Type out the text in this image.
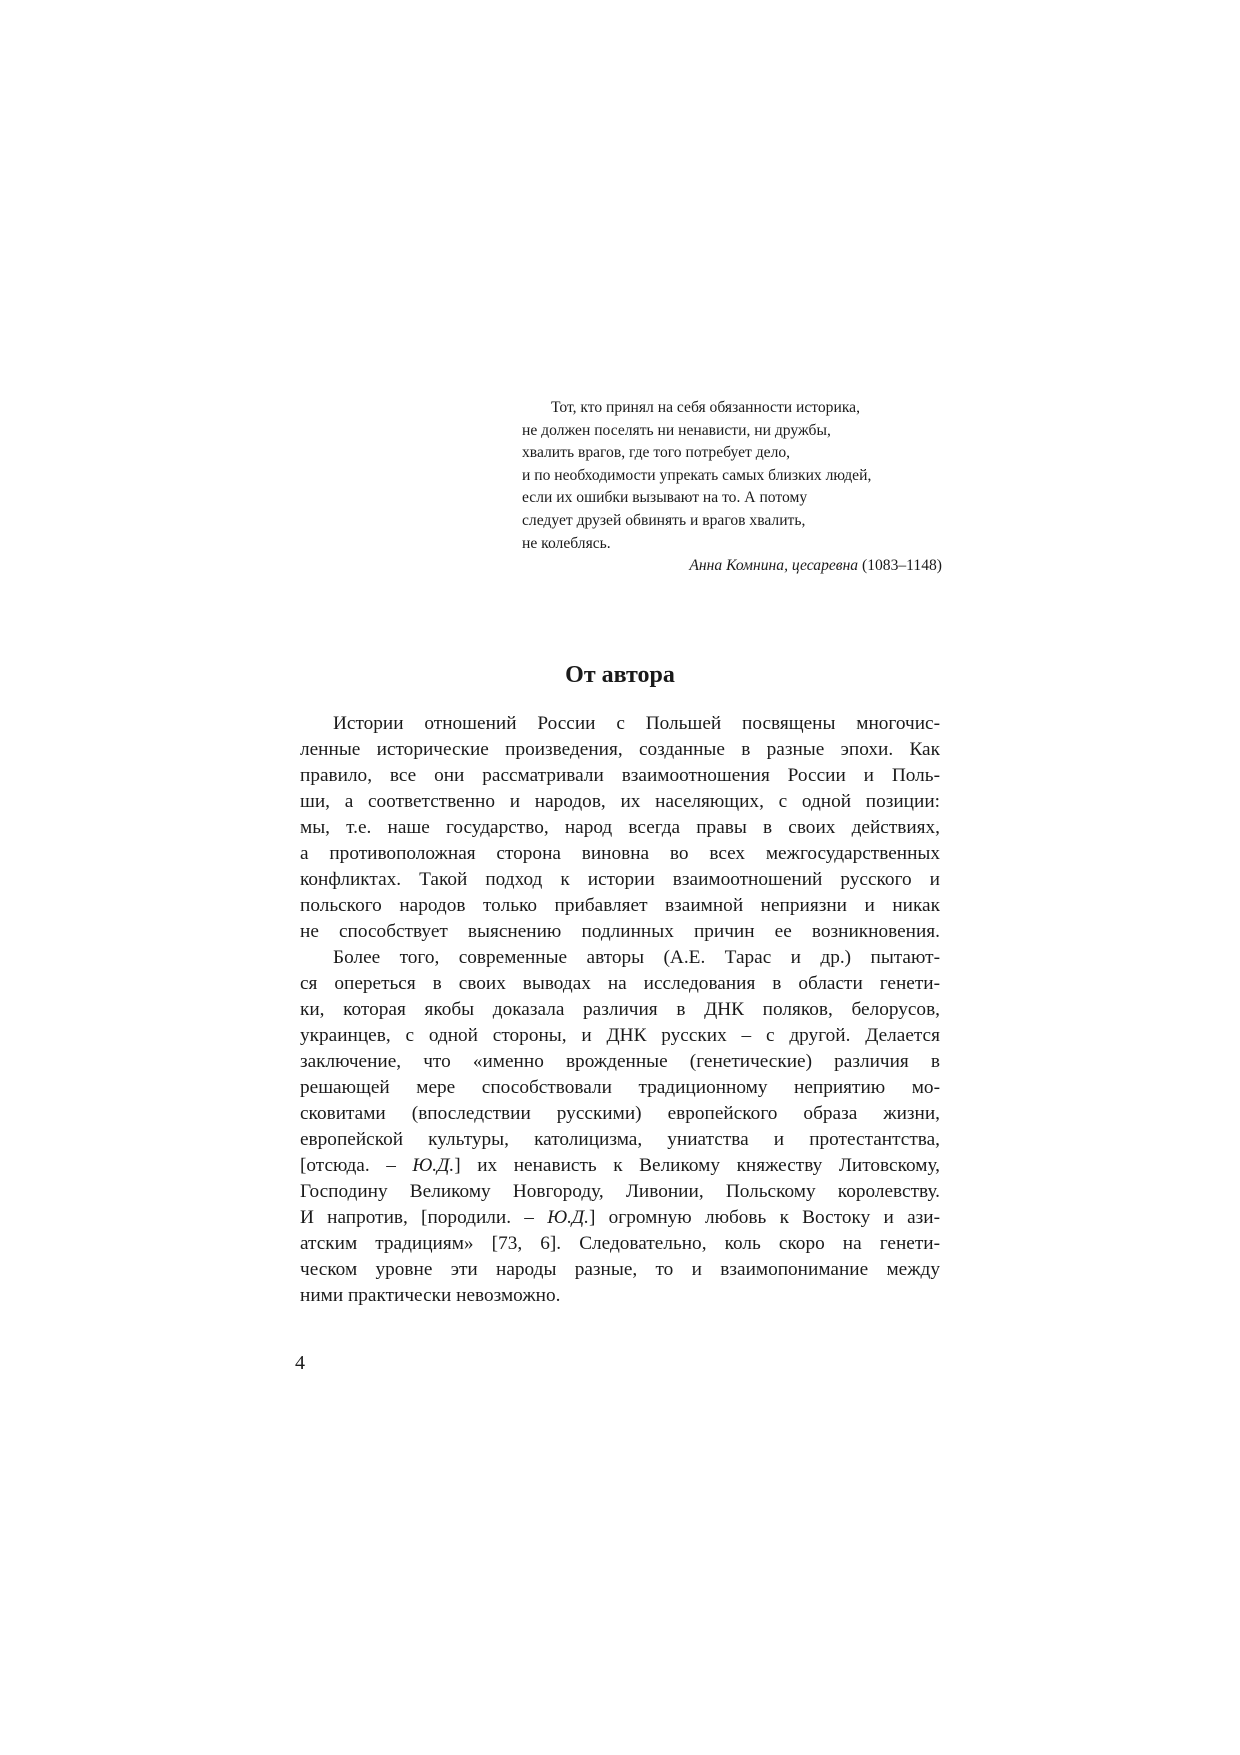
Тот, кто принял на себя обязанности историка,
не должен поселять ни ненависти, ни дружбы,
хвалить врагов, где того потребует дело,
и по необходимости упрекать самых близких людей,
если их ошибки вызывают на то. А потому
следует друзей обвинять и врагов хвалить,
не колеблясь.
Анна Комнина, цесаревна (1083–1148)
От автора

Истории отношений России с Польшей посвящены многочис-
ленные исторические произведения, созданные в разные эпохи. Как
правило, все они рассматривали взаимоотношения России и Поль-
ши, а соответственно и народов, их населяющих, с одной позиции:
мы, т.е. наше государство, народ всегда правы в своих действиях,
а противоположная сторона виновна во всех межгосударственных
конфликтах. Такой подход к истории взаимоотношений русского и
польского народов только прибавляет взаимной неприязни и никак
не способствует выяснению подлинных причин ее возникновения.

Более того, современные авторы (А.Е. Тарас и др.) пытают-
ся опереться в своих выводах на исследования в области генети-
ки, которая якобы доказала различия в ДНК поляков, белорусов,
украинцев, с одной стороны, и ДНК русских – с другой. Делается
заключение, что «именно врожденные (генетические) различия в
решающей мере способствовали традиционному неприятию мо-
сковитами (впоследствии русскими) европейского образа жизни,
европейской культуры, католицизма, униатства и протестантства,
[отсюда. – Ю.Д.] их ненависть к Великому княжеству Литовскому,
Господину Великому Новгороду, Ливонии, Польскому королевству.
И напротив, [породили. – Ю.Д.] огромную любовь к Востоку и ази-
атским традициям» [73, 6]. Следовательно, коль скоро на генети-
ческом уровне эти народы разные, то и взаимопонимание между
ними практически невозможно.

4
